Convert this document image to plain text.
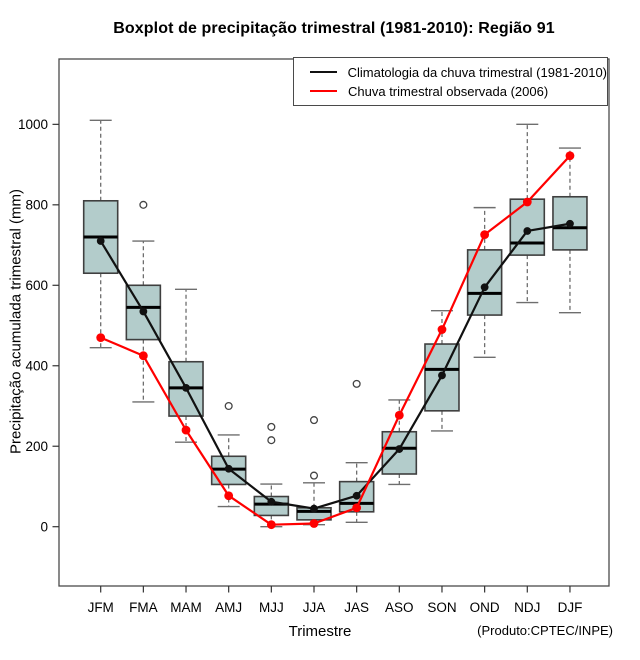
0
200
400
600
800
1000
JFM FMA MAM AMJ MJJ JJA JAS ASO SON OND NDJ DJF
Climatologia da chuva trimestral (1981-2010)
Chuva trimestral observada (2006)
Boxplot de precipitação trimestral (1981-2010): Região 91
Precipitação acumulada trimestral (mm)
Trimestre	(Produto:CPTEC/INPE)
